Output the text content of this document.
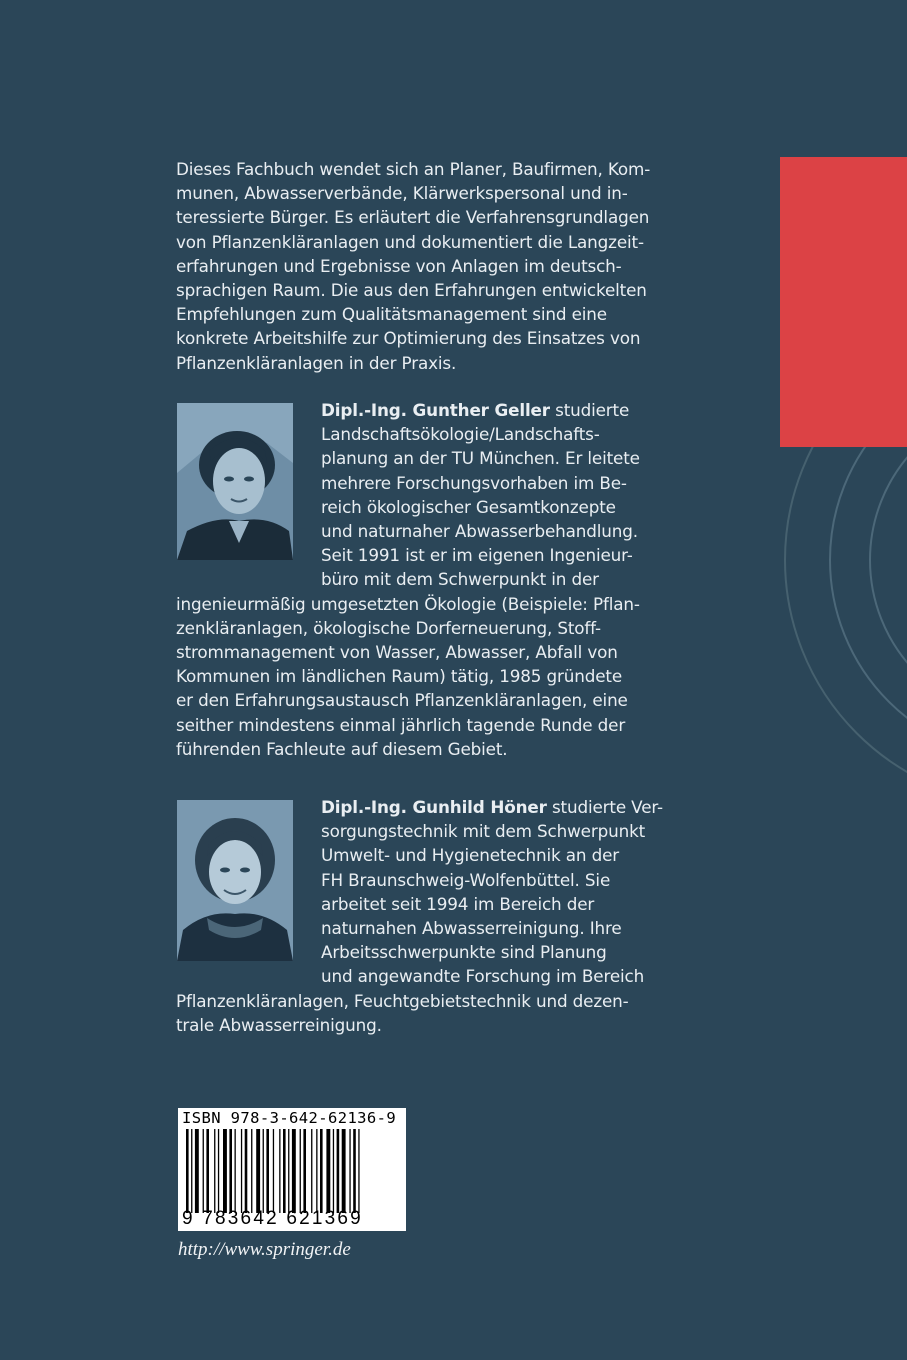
Dieses Fachbuch wendet sich an Planer, Baufirmen, Kom-
munen, Abwasserverbände, Klärwerkspersonal und in-
teressierte Bürger. Es erläutert die Verfahrensgrundlagen
von Pflanzenkläranlagen und dokumentiert die Langzeit-
erfahrungen und Ergebnisse von Anlagen im deutsch-
sprachigen Raum. Die aus den Erfahrungen entwickelten
Empfehlungen zum Qualitätsmanagement sind eine
konkrete Arbeitshilfe zur Optimierung des Einsatzes von
Pflanzenkläranlagen in der Praxis.
Dipl.-Ing. Gunther Geller studierte
Landschaftsökologie/Landschafts-
planung an der TU München. Er leitete
mehrere Forschungsvorhaben im Be-
reich ökologischer Gesamtkonzepte
und naturnaher Abwasserbehandlung.
Seit 1991 ist er im eigenen Ingenieur-
büro mit dem Schwerpunkt in der
ingenieurmäßig umgesetzten Ökologie (Beispiele: Pflan-
zenkläranlagen, ökologische Dorferneuerung, Stoff-
strommanagement von Wasser, Abwasser, Abfall von
Kommunen im ländlichen Raum) tätig, 1985 gründete
er den Erfahrungsaustausch Pflanzenkläranlagen, eine
seither mindestens einmal jährlich tagende Runde der
führenden Fachleute auf diesem Gebiet.
Dipl.-Ing. Gunhild Höner studierte Ver-
sorgungstechnik mit dem Schwerpunkt
Umwelt- und Hygienetechnik an der
FH Braunschweig-Wolfenbüttel. Sie
arbeitet seit 1994 im Bereich der
naturnahen Abwasserreinigung. Ihre
Arbeitsschwerpunkte sind Planung
und angewandte Forschung im Bereich
Pflanzenkläranlagen, Feuchtgebietstechnik und dezen-
trale Abwasserreinigung.
ISBN 978-3-642-62136-9
9 783642 621369
http://www.springer.de
